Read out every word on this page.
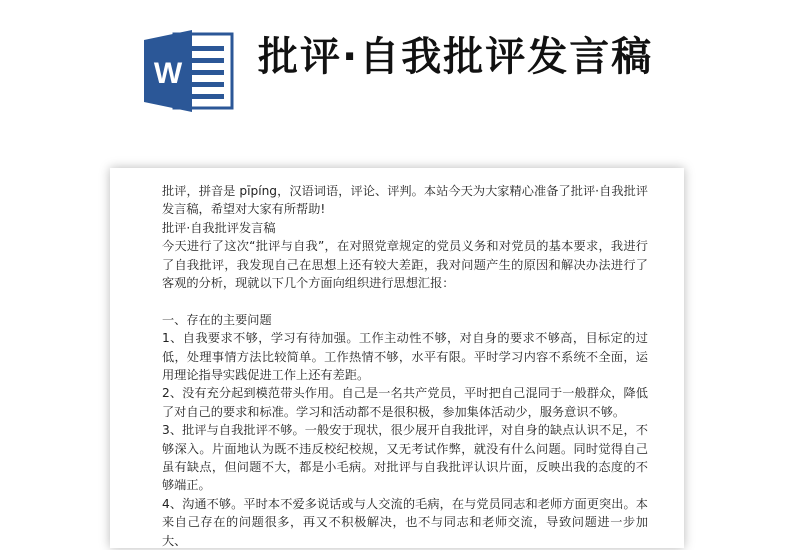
W 批评·自我批评发言稿

批评，拼音是 pīpíng，汉语词语，评论、评判。本站今天为大家精心准备了批评·自我批评发言稿，希望对大家有所帮助!

批评·自我批评发言稿

今天进行了这次“批评与自我”，在对照党章规定的党员义务和对党员的基本要求，我进行了自我批评，我发现自己在思想上还有较大差距，我对问题产生的原因和解决办法进行了客观的分析，现就以下几个方面向组织进行思想汇报：

一、存在的主要问题

1、自我要求不够，学习有待加强。工作主动性不够，对自身的要求不够高，目标定的过低，处理事情方法比较简单。工作热情不够，水平有限。平时学习内容不系统不全面，运用理论指导实践促进工作上还有差距。

2、没有充分起到模范带头作用。自己是一名共产党员，平时把自己混同于一般群众，降低了对自己的要求和标准。学习和活动都不是很积极，参加集体活动少，服务意识不够。

3、批评与自我批评不够。一般安于现状，很少展开自我批评，对自身的缺点认识不足，不够深入。片面地认为既不违反校纪校规，又无考试作弊，就没有什么问题。同时觉得自己虽有缺点，但问题不大，都是小毛病。对批评与自我批评认识片面，反映出我的态度的不够端正。

4、沟通不够。平时本不爱多说话或与人交流的毛病，在与党员同志和老师方面更突出。本来自己存在的问题很多，再又不积极解决，也不与同志和老师交流，导致问题进一步加大、
